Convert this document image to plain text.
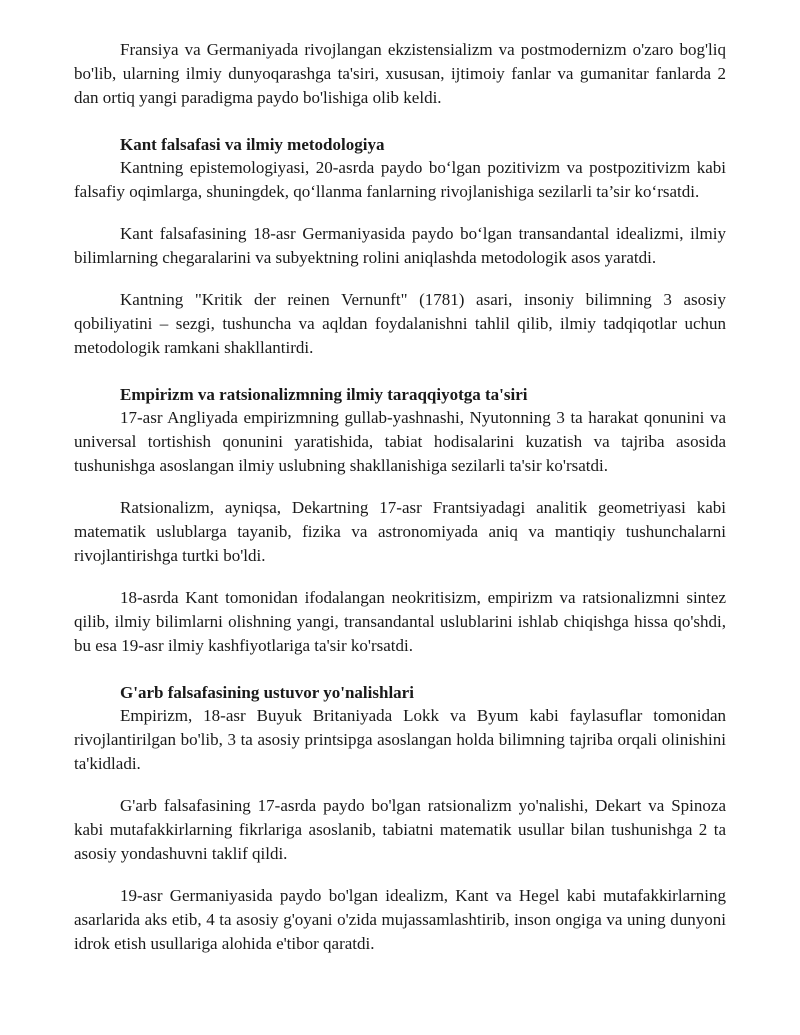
Fransiya va Germaniyada rivojlangan ekzistensializm va postmodernizm o'zaro bog'liq bo'lib, ularning ilmiy dunyoqarashga ta'siri, xususan, ijtimoiy fanlar va gumanitar fanlarda 2 dan ortiq yangi paradigma paydo bo'lishiga olib keldi.

Kant falsafasi va ilmiy metodologiya

Kantning epistemologiyasi, 20-asrda paydo bo‘lgan pozitivizm va postpozitivizm kabi falsafiy oqimlarga, shuningdek, qo‘llanma fanlarning rivojlanishiga sezilarli ta’sir ko‘rsatdi.

Kant falsafasining 18-asr Germaniyasida paydo bo‘lgan transandantal idealizmi, ilmiy bilimlarning chegaralarini va subyektning rolini aniqlashda metodologik asos yaratdi.

Kantning "Kritik der reinen Vernunft" (1781) asari, insoniy bilimning 3 asosiy qobiliyatini – sezgi, tushuncha va aqldan foydalanishni tahlil qilib, ilmiy tadqiqotlar uchun metodologik ramkani shakllantirdi.

Empirizm va ratsionalizmning ilmiy taraqqiyotga ta'siri

17-asr Angliyada empirizmning gullab-yashnashi, Nyutonning 3 ta harakat qonunini va universal tortishish qonunini yaratishida, tabiat hodisalarini kuzatish va tajriba asosida tushunishga asoslangan ilmiy uslubning shakllanishiga sezilarli ta'sir ko'rsatdi.

Ratsionalizm, ayniqsa, Dekartning 17-asr Frantsiyadagi analitik geometriyasi kabi matematik uslublarga tayanib, fizika va astronomiyada aniq va mantiqiy tushunchalarni rivojlantirishga turtki bo'ldi.

18-asrda Kant tomonidan ifodalangan neokritisizm, empirizm va ratsionalizmni sintez qilib, ilmiy bilimlarni olishning yangi, transandantal uslublarini ishlab chiqishga hissa qo'shdi, bu esa 19-asr ilmiy kashfiyotlariga ta'sir ko'rsatdi.

G'arb falsafasining ustuvor yo'nalishlari

Empirizm, 18-asr Buyuk Britaniyada Lokk va Byum kabi faylasuflar tomonidan rivojlantirilgan bo'lib, 3 ta asosiy printsipga asoslangan holda bilimning tajriba orqali olinishini ta'kidladi.

G'arb falsafasining 17-asrda paydo bo'lgan ratsionalizm yo'nalishi, Dekart va Spinoza kabi mutafakkirlarning fikrlariga asoslanib, tabiatni matematik usullar bilan tushunishga 2 ta asosiy yondashuvni taklif qildi.

19-asr Germaniyasida paydo bo'lgan idealizm, Kant va Hegel kabi mutafakkirlarning asarlarida aks etib, 4 ta asosiy g'oyani o'zida mujassamlashtirib, inson ongiga va uning dunyoni idrok etish usullariga alohida e'tibor qaratdi.
